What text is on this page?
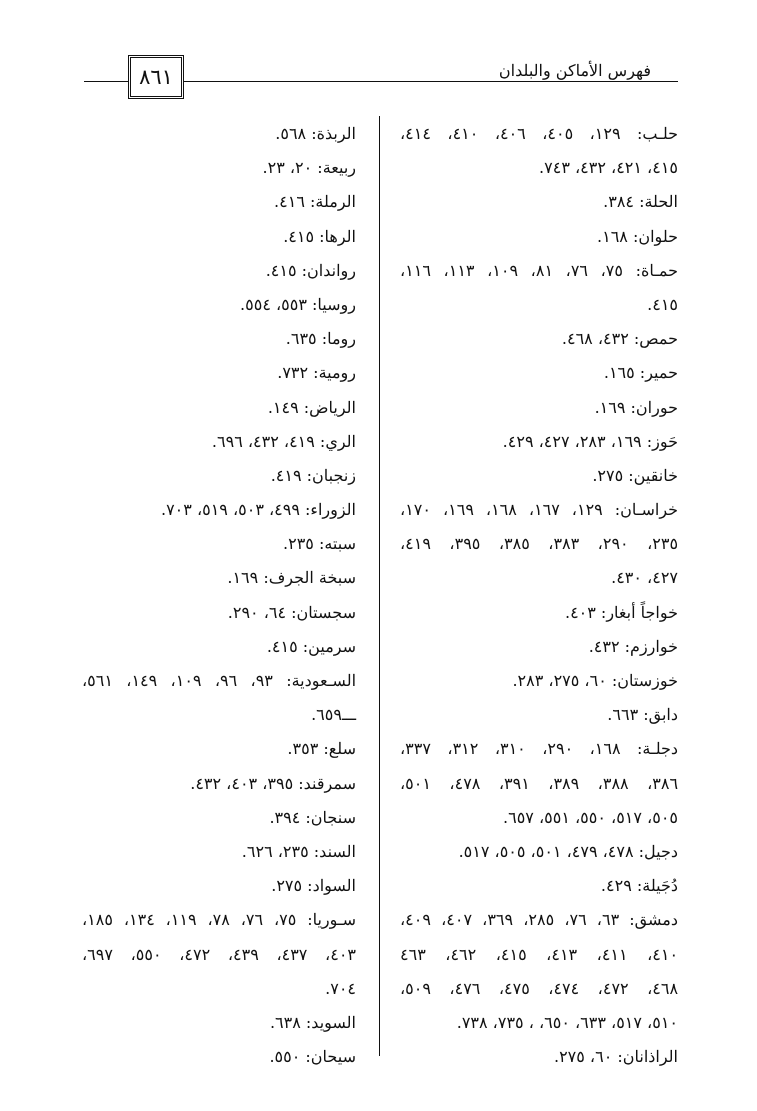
٨٦١	فهرس الأماكن والبلدان
حلـب: ١٢٩، ٤٠٥، ٤٠٦، ٤١٠، ٤١٤،
٤١٥، ٤٢١، ٤٣٢، ٧٤٣.
الحلة: ٣٨٤.
حلوان: ١٦٨.
حمـاة: ٧٥، ٧٦، ٨١، ١٠٩، ١١٣، ١١٦،
٤١٥.
حمص: ٤٣٢، ٤٦٨.
حمير: ١٦٥.
حوران: ١٦٩.
حَوز: ١٦٩، ٢٨٣، ٤٢٧، ٤٢٩.
خانقين: ٢٧٥.
خراسـان: ١٢٩، ١٦٧، ١٦٨، ١٦٩، ١٧٠،
٢٣٥، ٢٩٠، ٣٨٣، ٣٨٥، ٣٩٥، ٤١٩،
٤٢٧، ٤٣٠.
خواجاً أبغار: ٤٠٣.
خوارزم: ٤٣٢.
خوزستان: ٦٠، ٢٧٥، ٢٨٣.
دابق: ٦٦٣.
دجلـة: ١٦٨، ٢٩٠، ٣١٠، ٣١٢، ٣٣٧،
٣٨٦، ٣٨٨، ٣٨٩، ٣٩١، ٤٧٨، ٥٠١،
٥٠٥، ٥١٧، ٥٥٠، ٥٥١، ٦٥٧.
دجيل: ٤٧٨، ٤٧٩، ٥٠١، ٥٠٥، ٥١٧.
دُجَيلة: ٤٢٩.
دمشق: ٦٣، ٧٦، ٢٨٥، ٣٦٩، ٤٠٧، ٤٠٩،
٤١٠، ٤١١، ٤١٣، ٤١٥، ٤٦٢، ٤٦٣
٤٦٨، ٤٧٢، ٤٧٤، ٤٧٥، ٤٧٦، ٥٠٩،
٥١٠، ٥١٧، ٦٣٣، ٦٥٠، ، ٧٣٥، ٧٣٨.
الراذانان: ٦٠، ٢٧٥.
الربذة: ٥٦٨.
ربيعة: ٢٠، ٢٣.
الرملة: ٤١٦.
الرها: ٤١٥.
رواندان: ٤١٥.
روسيا: ٥٥٣، ٥٥٤.
روما: ٦٣٥.
رومية: ٧٣٢.
الرياض: ١٤٩.
الري: ٤١٩، ٤٣٢، ٦٩٦.
زنجبان: ٤١٩.
الزوراء: ٤٩٩، ٥٠٣، ٥١٩، ٧٠٣.
سبته: ٢٣٥.
سبخة الجرف: ١٦٩.
سجستان: ٦٤، ٢٩٠.
سرمين: ٤١٥.
السـعودية: ٩٣، ٩٦، ١٠٩، ١٤٩، ٥٦١،
ـــ٦٥٩.
سلع: ٣٥٣.
سمرقند: ٣٩٥، ٤٠٣، ٤٣٢.
سنجان: ٣٩٤.
السند: ٢٣٥، ٦٢٦.
السواد: ٢٧٥.
سـوريا: ٧٥، ٧٦، ٧٨، ١١٩، ١٣٤، ١٨٥،
٤٠٣، ٤٣٧، ٤٣٩، ٤٧٢، ٥٥٠، ٦٩٧،
٧٠٤.
السويد: ٦٣٨.
سيحان: ٥٥٠.
